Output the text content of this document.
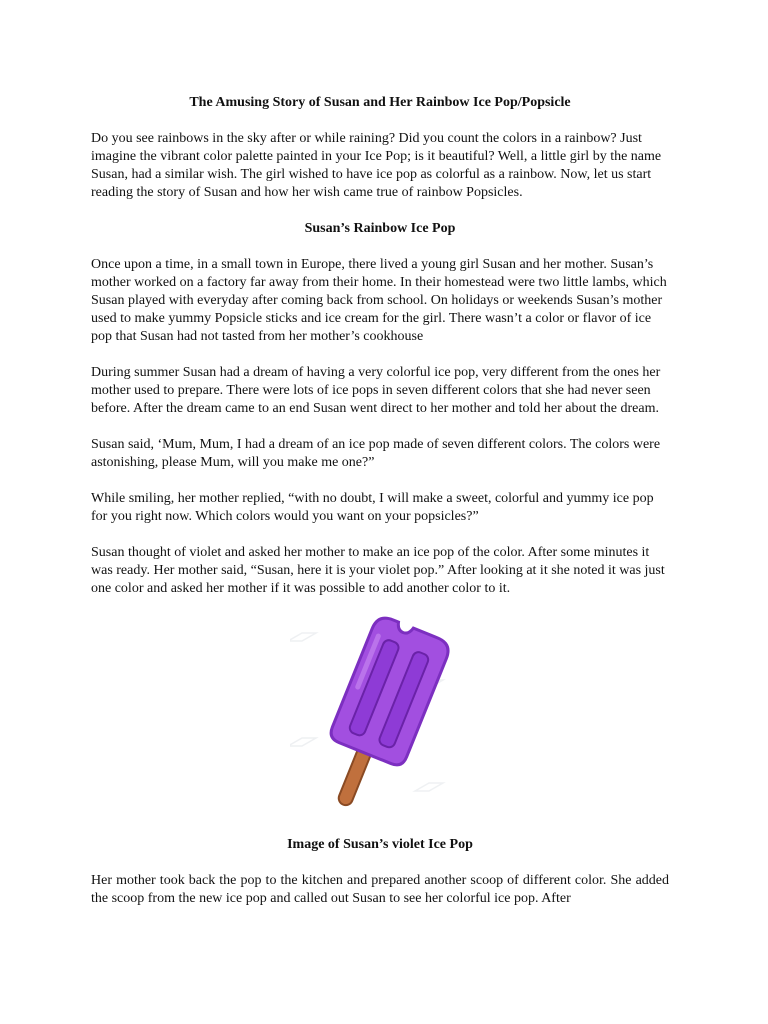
The Amusing Story of Susan and Her Rainbow Ice Pop/Popsicle

Do you see rainbows in the sky after or while raining? Did you count the colors in a rainbow? Just imagine the vibrant color palette painted in your Ice Pop; is it beautiful? Well, a little girl by the name Susan, had a similar wish. The girl wished to have ice pop as colorful as a rainbow. Now, let us start reading the story of Susan and how her wish came true of rainbow Popsicles.

Susan’s Rainbow Ice Pop

Once upon a time, in a small town in Europe, there lived a young girl Susan and her mother. Susan’s mother worked on a factory far away from their home. In their homestead were two little lambs, which Susan played with everyday after coming back from school. On holidays or weekends Susan’s mother used to make yummy Popsicle sticks and ice cream for the girl. There wasn’t a color or flavor of ice pop that Susan had not tasted from her mother’s cookhouse

During summer Susan had a dream of having a very colorful ice pop, very different from the ones her mother used to prepare. There were lots of ice pops in seven different colors that she had never seen before. After the dream came to an end Susan went direct to her mother and told her about the dream.

Susan said, ‘Mum, Mum, I had a dream of an ice pop made of seven different colors. The colors were astonishing, please Mum, will you make me one?”

While smiling, her mother replied, “with no doubt, I will make a sweet, colorful and yummy ice pop for you right now. Which colors would you want on your popsicles?”

Susan thought of violet and asked her mother to make an ice pop of the color. After some minutes it was ready. Her mother said, “Susan, here it is your violet pop.” After looking at it she noted it was just one color and asked her mother if it was possible to add another color to it.

Image of Susan’s violet Ice Pop

Her mother took back the pop to the kitchen and prepared another scoop of different color. She added the scoop from the new ice pop and called out Susan to see her colorful ice pop. After
